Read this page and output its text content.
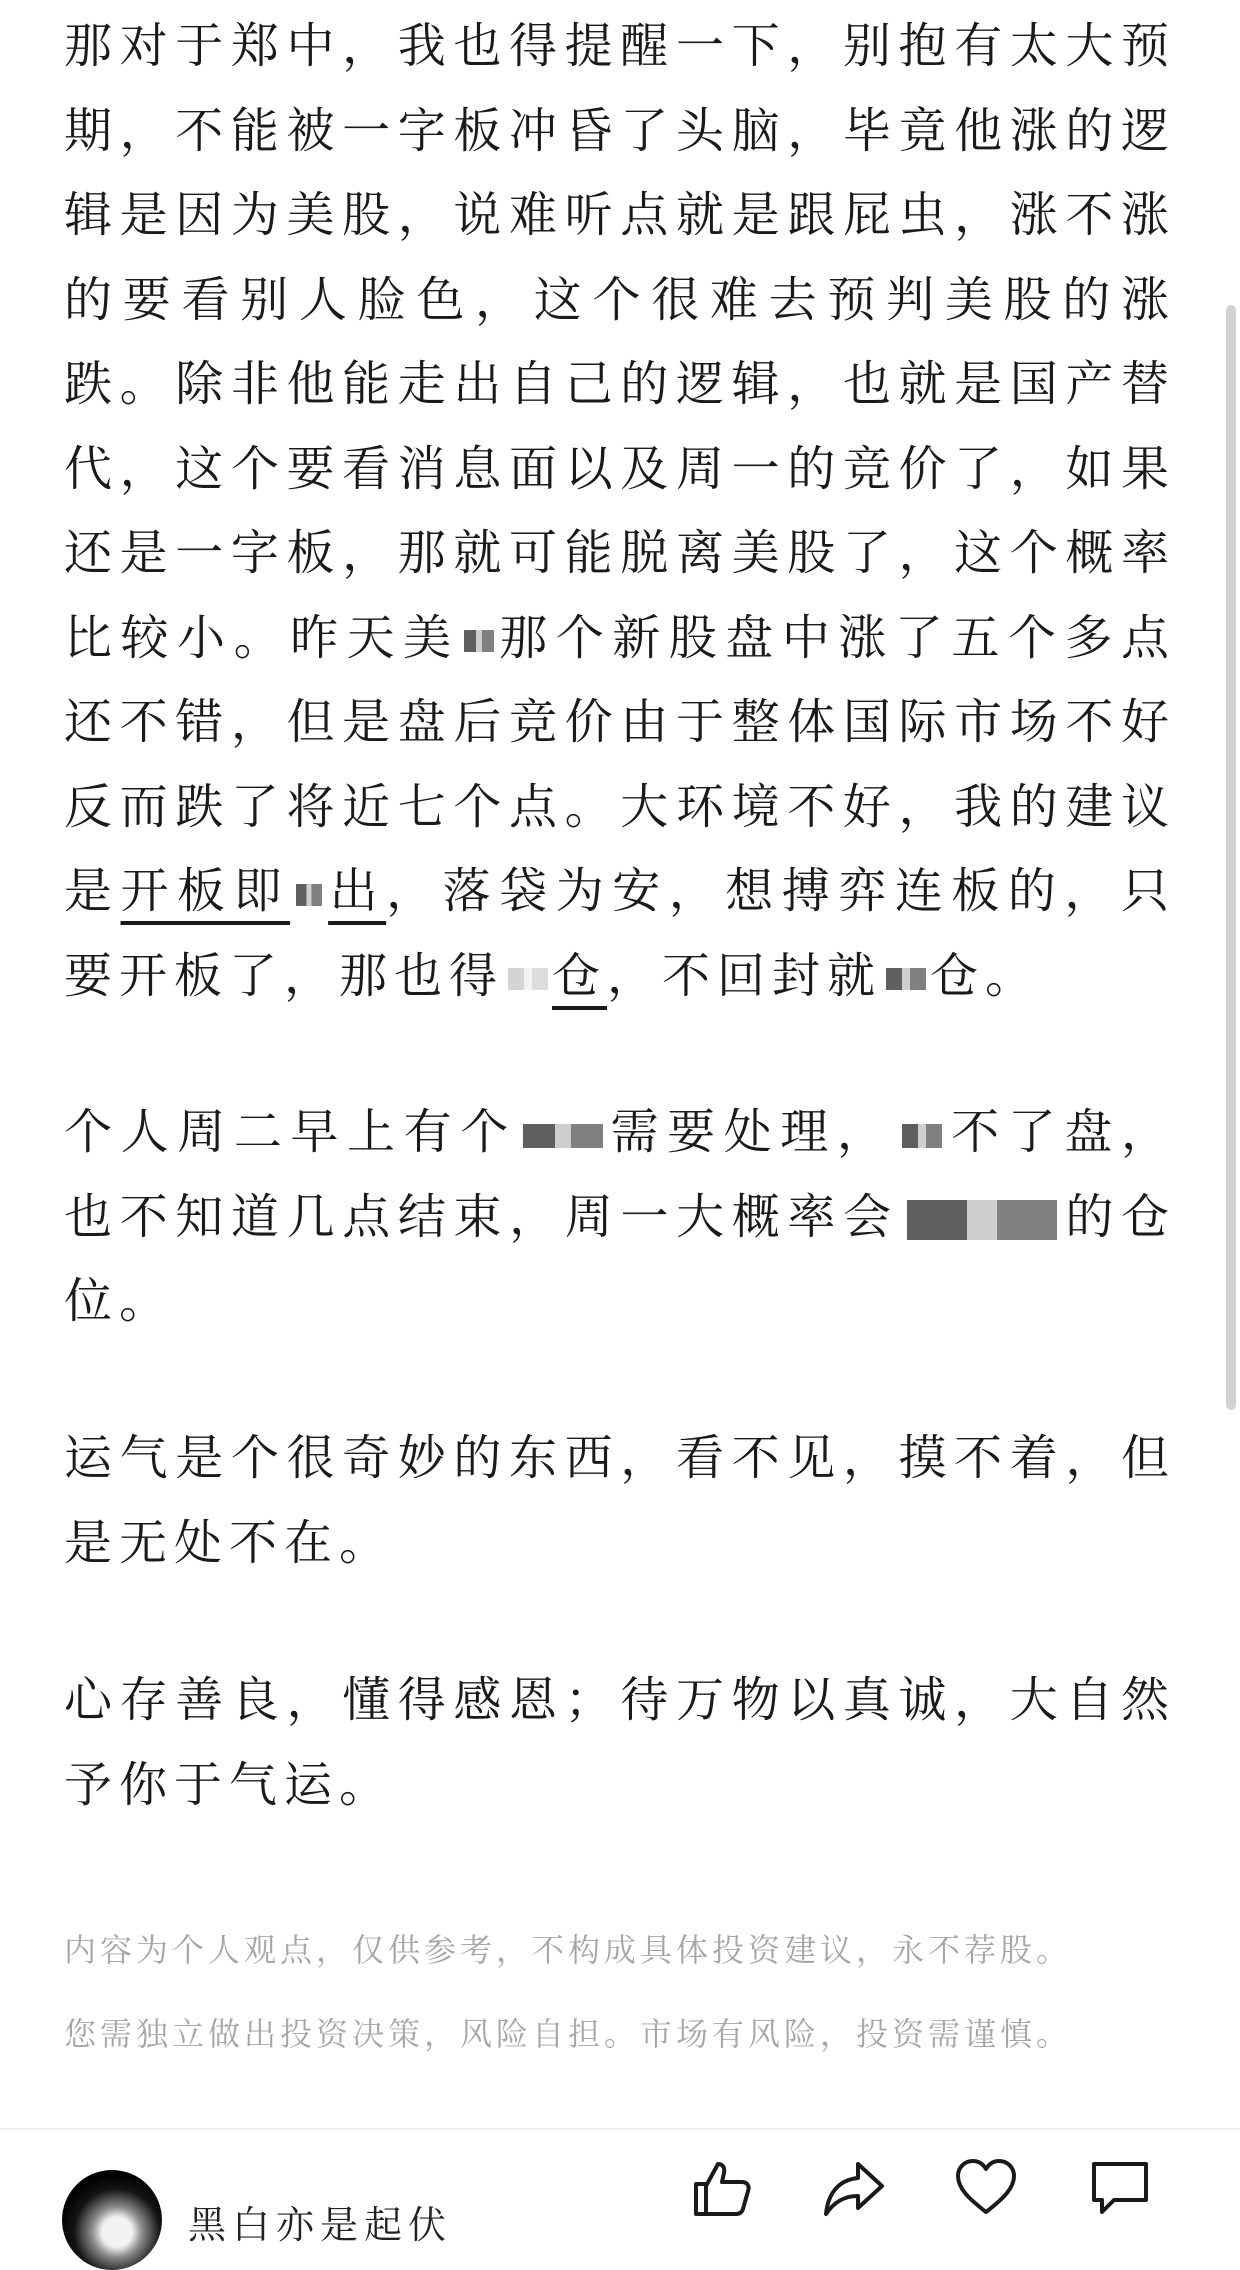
那对于郑中，我也得提醒一下，别抱有太大预期，不能被一字板冲昏了头脑，毕竟他涨的逻辑是因为美股，说难听点就是跟屁虫，涨不涨的要看别人脸色，这个很难去预判美股的涨跌。除非他能走出自己的逻辑，也就是国产替代，这个要看消息面以及周一的竞价了，如果还是一字板，那就可能脱离美股了，这个概率比较小。昨天美 那个新股盘中涨了五个多点还不错，但是盘后竞价由于整体国际市场不好反而跌了将近七个点。大环境不好，我的建议是开板即 出，落袋为安，想搏弈连板的，只要开板了，那也得 仓，不回封就 仓。

个人周二早上有个 需要处理， 不了盘，也不知道几点结束，周一大概率会	的仓位。

运气是个很奇妙的东西，看不见，摸不着，但是无处不在。

心存善良，懂得感恩；待万物以真诚，大自然予你于气运。

内容为个人观点，仅供参考，不构成具体投资建议，永不荐股。

您需独立做出投资决策，风险自担。市场有风险，投资需谨慎。

黑白亦是起伏
